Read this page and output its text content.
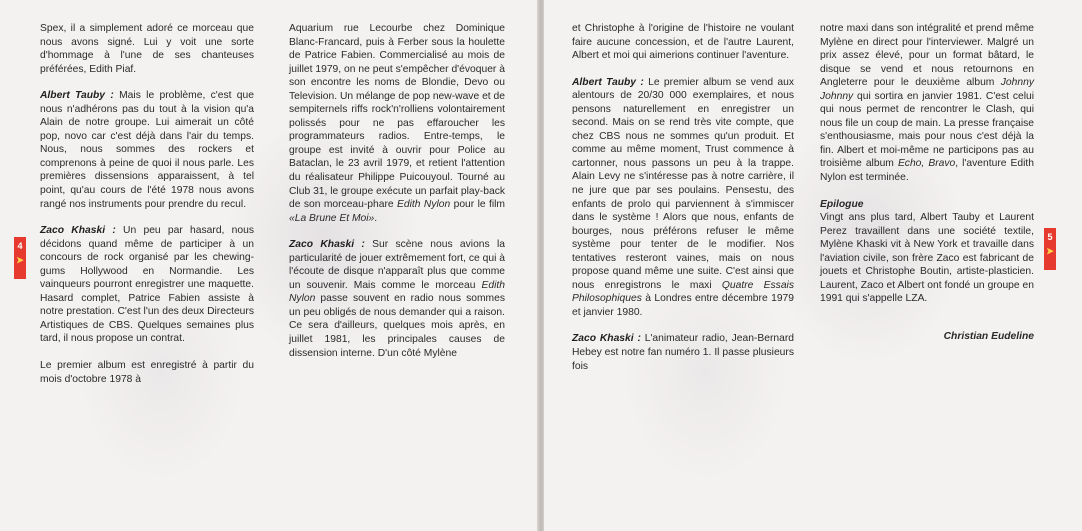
Spex, il a simplement adoré ce morceau que nous avons signé. Lui y voit une sorte d'hommage à l'une de ses chanteuses préférées, Edith Piaf.

Albert Tauby : Mais le problème, c'est que nous n'adhérons pas du tout à la vision qu'a Alain de notre groupe. Lui aimerait un côté pop, novo car c'est déjà dans l'air du temps. Nous, nous sommes des rockers et comprenons à peine de quoi il nous parle. Les premières dissensions apparaissent, à tel point, qu'au cours de l'été 1978 nous avons rangé nos instruments pour prendre du recul.

Zaco Khaski : Un peu par hasard, nous décidons quand même de participer à un concours de rock organisé par les chewing-gums Hollywood en Normandie. Les vainqueurs pourront enregistrer une maquette. Hasard complet, Patrice Fabien assiste à notre prestation. C'est l'un des deux Directeurs Artistiques de CBS. Quelques semaines plus tard, il nous propose un contrat.

Le premier album est enregistré à partir du mois d'octobre 1978 à

Aquarium rue Lecourbe chez Dominique Blanc-Francard, puis à Ferber sous la houlette de Patrice Fabien. Commercialisé au mois de juillet 1979, on ne peut s'empêcher d'évoquer à son encontre les noms de Blondie, Devo ou Television. Un mélange de pop new-wave et de sempiternels riffs rock'n'rolliens volontairement polissés pour ne pas effaroucher les programmateurs radios. Entre-temps, le groupe est invité à ouvrir pour Police au Bataclan, le 23 avril 1979, et retient l'attention du réalisateur Philippe Puicouyoul. Tourné au Club 31, le groupe exécute un parfait play-back de son morceau-phare Edith Nylon pour le film «La Brune Et Moi».

Zaco Khaski : Sur scène nous avions la particularité de jouer extrêmement fort, ce qui à l'écoute de disque n'apparaît plus que comme un souvenir. Mais comme le morceau Edith Nylon passe souvent en radio nous sommes un peu obligés de nous demander qui a raison. Ce sera d'ailleurs, quelques mois après, en juillet 1981, les principales causes de dissension interne. D'un côté Mylène

4
➤

et Christophe à l'origine de l'histoire ne voulant faire aucune concession, et de l'autre Laurent, Albert et moi qui aimerions continuer l'aventure.

Albert Tauby : Le premier album se vend aux alentours de 20/30 000 exemplaires, et nous pensons naturellement en enregistrer un second. Mais on se rend très vite compte, que chez CBS nous ne sommes qu'un produit. Et comme au même moment, Trust commence à cartonner, nous passons un peu à la trappe. Alain Levy ne s'intéresse pas à notre carrière, il ne jure que par ses poulains. Pensestu, des enfants de prolo qui parviennent à s'immiscer dans le système ! Alors que nous, enfants de bourges, nous préférons refuser le même système pour tenter de le modifier. Nos tentatives resteront vaines, mais on nous propose quand même une suite. C'est ainsi que nous enregistrons le maxi Quatre Essais Philosophiques à Londres entre décembre 1979 et janvier 1980.

Zaco Khaski : L'animateur radio, Jean-Bernard Hebey est notre fan numéro 1. Il passe plusieurs fois

notre maxi dans son intégralité et prend même Mylène en direct pour l'interviewer. Malgré un prix assez élevé, pour un format bâtard, le disque se vend et nous retournons en Angleterre pour le deuxième album Johnny Johnny qui sortira en janvier 1981. C'est celui qui nous permet de rencontrer le Clash, qui nous file un coup de main. La presse française s'enthousiasme, mais pour nous c'est déjà la fin. Albert et moi-même ne participons pas au troisième album Echo, Bravo, l'aventure Edith Nylon est terminée.

Epilogue
Vingt ans plus tard, Albert Tauby et Laurent Perez travaillent dans une société textile, Mylène Khaski vit à New York et travaille dans l'aviation civile, son frère Zaco est fabricant de jouets et Christophe Boutin, artiste-plasticien. Laurent, Zaco et Albert ont fondé un groupe en 1991 qui s'appelle LZA.

Christian Eudeline

5
➤
